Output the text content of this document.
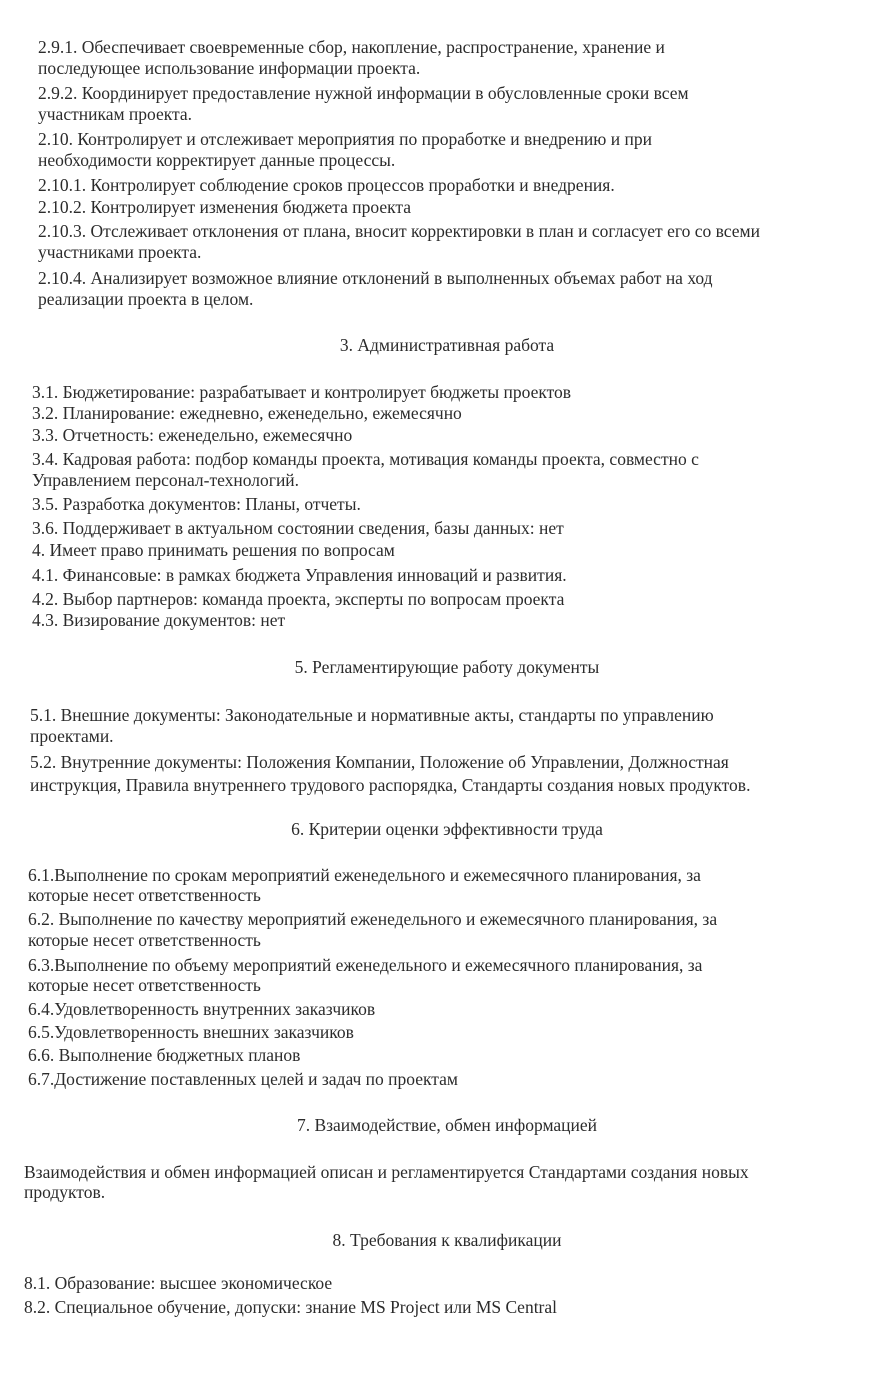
2.9.1. Обеспечивает своевременные сбор, накопление, распространение, хранение и
последующее использование информации проекта.
2.9.2. Координирует предоставление нужной информации в обусловленные сроки всем
участникам проекта.
2.10. Контролирует и отслеживает мероприятия по проработке и внедрению и при
необходимости корректирует данные процессы.
2.10.1. Контролирует соблюдение сроков процессов проработки и внедрения.
2.10.2. Контролирует изменения бюджета проекта
2.10.3. Отслеживает отклонения от плана, вносит корректировки в план и согласует его со всеми
участниками проекта.
2.10.4. Анализирует возможное влияние отклонений в выполненных объемах работ на ход
реализации проекта в целом.
3. Административная работа
3.1. Бюджетирование: разрабатывает и контролирует бюджеты проектов
3.2. Планирование: ежедневно, еженедельно, ежемесячно
3.3. Отчетность: еженедельно, ежемесячно
3.4. Кадровая работа: подбор команды проекта, мотивация команды проекта, совместно с
Управлением персонал-технологий.
3.5. Разработка документов: Планы, отчеты.
3.6. Поддерживает в актуальном состоянии сведения, базы данных: нет
4. Имеет право принимать решения по вопросам
4.1. Финансовые: в рамках бюджета Управления инноваций и развития.
4.2. Выбор партнеров: команда проекта, эксперты по вопросам проекта
4.3. Визирование документов: нет
5. Регламентирующие работу документы
5.1. Внешние документы: Законодательные и нормативные акты, стандарты по управлению
проектами.
5.2. Внутренние документы: Положения Компании, Положение об Управлении, Должностная
инструкция, Правила внутреннего трудового распорядка, Стандарты создания новых продуктов.
6. Критерии оценки эффективности труда
6.1.Выполнение по срокам мероприятий еженедельного и ежемесячного планирования, за
которые несет ответственность
6.2. Выполнение по качеству мероприятий еженедельного и ежемесячного планирования, за
которые несет ответственность
6.3.Выполнение по объему мероприятий еженедельного и ежемесячного планирования, за
которые несет ответственность
6.4.Удовлетворенность внутренних заказчиков
6.5.Удовлетворенность внешних заказчиков
6.6. Выполнение бюджетных планов
6.7.Достижение поставленных целей и задач по проектам
7. Взаимодействие, обмен информацией
Взаимодействия и обмен информацией описан и регламентируется Стандартами создания новых
продуктов.
8. Требования к квалификации
8.1. Образование: высшее экономическое
8.2. Специальное обучение, допуски: знание MS Project или MS Central
